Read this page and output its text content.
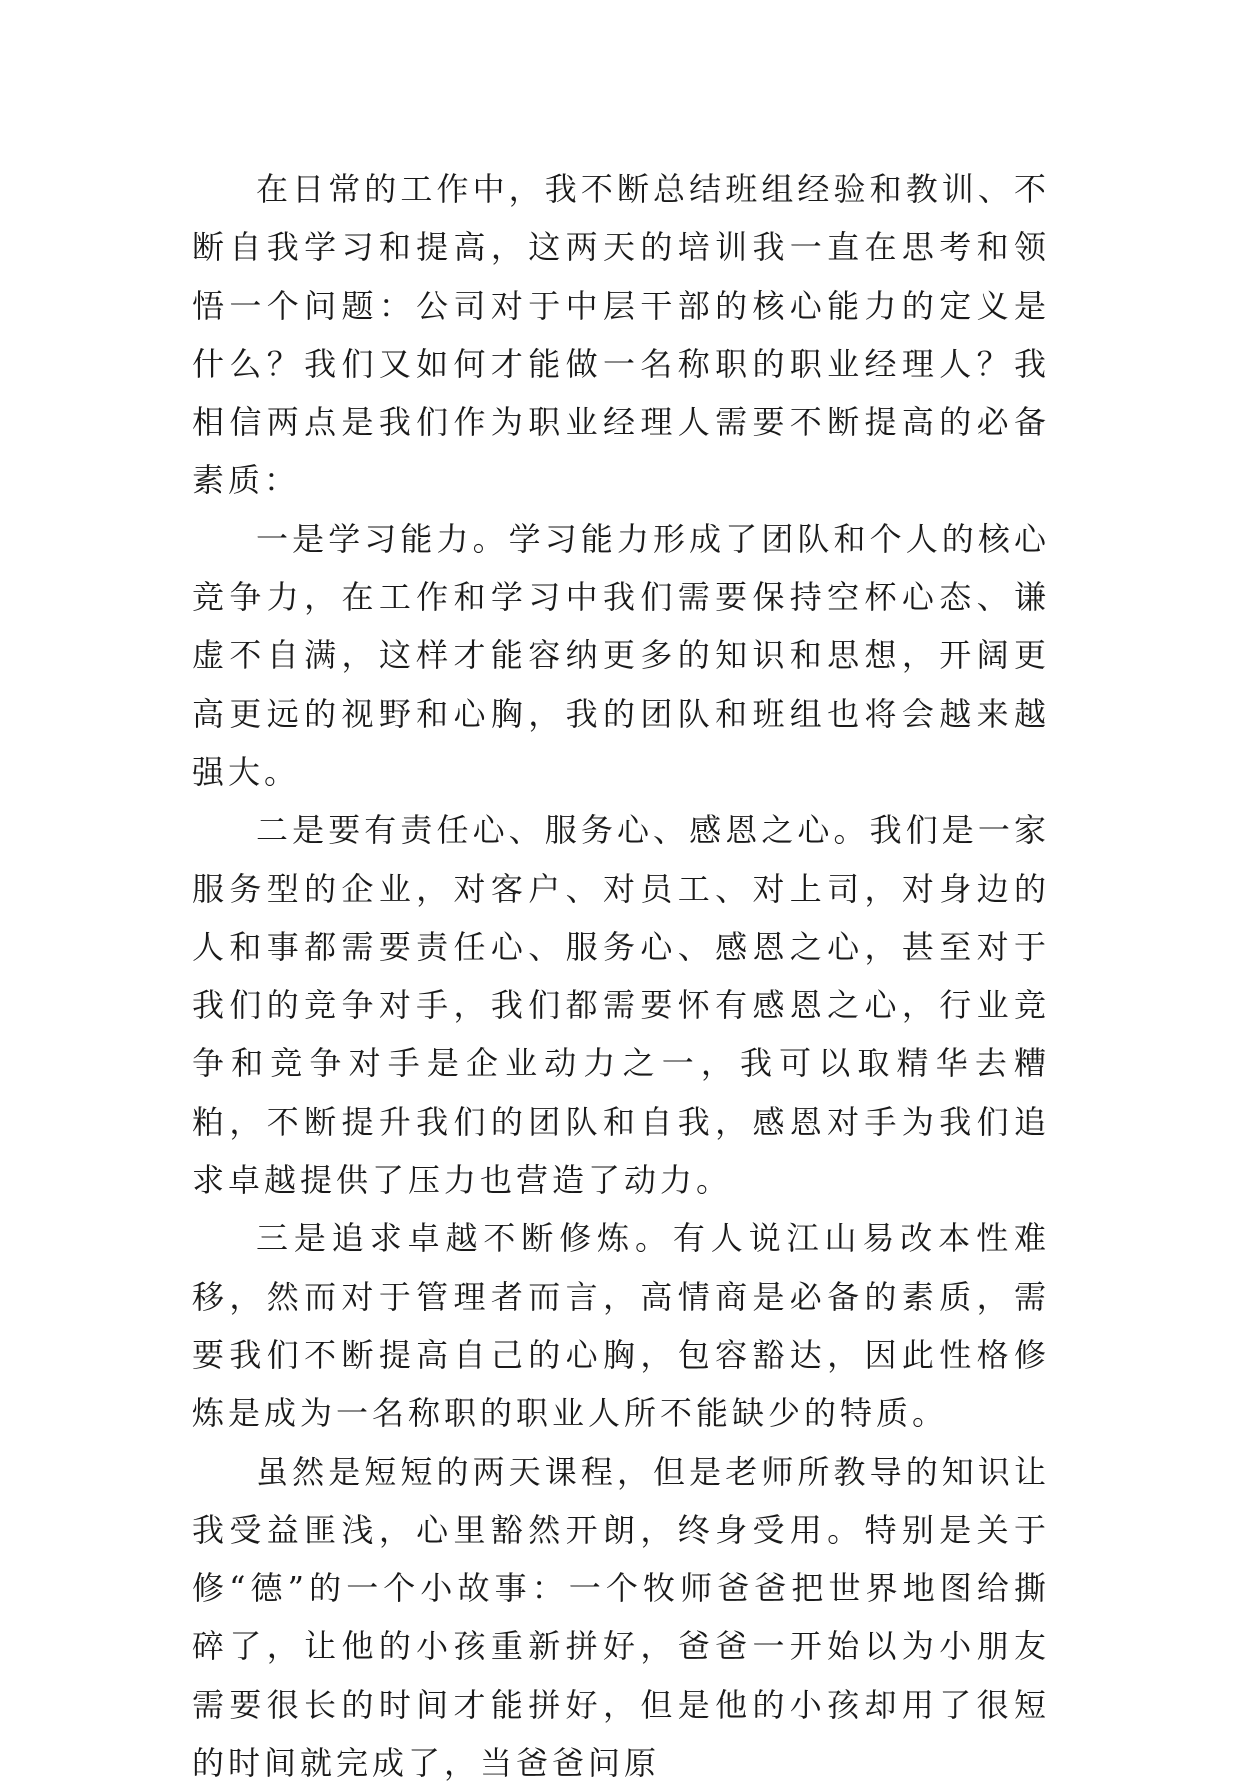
在日常的工作中，我不断总结班组经验和教训、不断自我学习和提高，这两天的培训我一直在思考和领悟一个问题：公司对于中层干部的核心能力的定义是什么？我们又如何才能做一名称职的职业经理人？我相信两点是我们作为职业经理人需要不断提高的必备素质：

一是学习能力。学习能力形成了团队和个人的核心竞争力，在工作和学习中我们需要保持空杯心态、谦虚不自满，这样才能容纳更多的知识和思想，开阔更高更远的视野和心胸，我的团队和班组也将会越来越强大。

二是要有责任心、服务心、感恩之心。我们是一家服务型的企业，对客户、对员工、对上司，对身边的人和事都需要责任心、服务心、感恩之心，甚至对于我们的竞争对手，我们都需要怀有感恩之心，行业竞争和竞争对手是企业动力之一，我可以取精华去糟粕，不断提升我们的团队和自我，感恩对手为我们追求卓越提供了压力也营造了动力。

三是追求卓越不断修炼。有人说江山易改本性难移，然而对于管理者而言，高情商是必备的素质，需要我们不断提高自己的心胸，包容豁达，因此性格修炼是成为一名称职的职业人所不能缺少的特质。

虽然是短短的两天课程，但是老师所教导的知识让我受益匪浅，心里豁然开朗，终身受用。特别是关于修“德”的一个小故事：一个牧师爸爸把世界地图给撕碎了，让他的小孩重新拼好，爸爸一开始以为小朋友需要很长的时间才能拼好，但是他的小孩却用了很短的时间就完成了，当爸爸问原
